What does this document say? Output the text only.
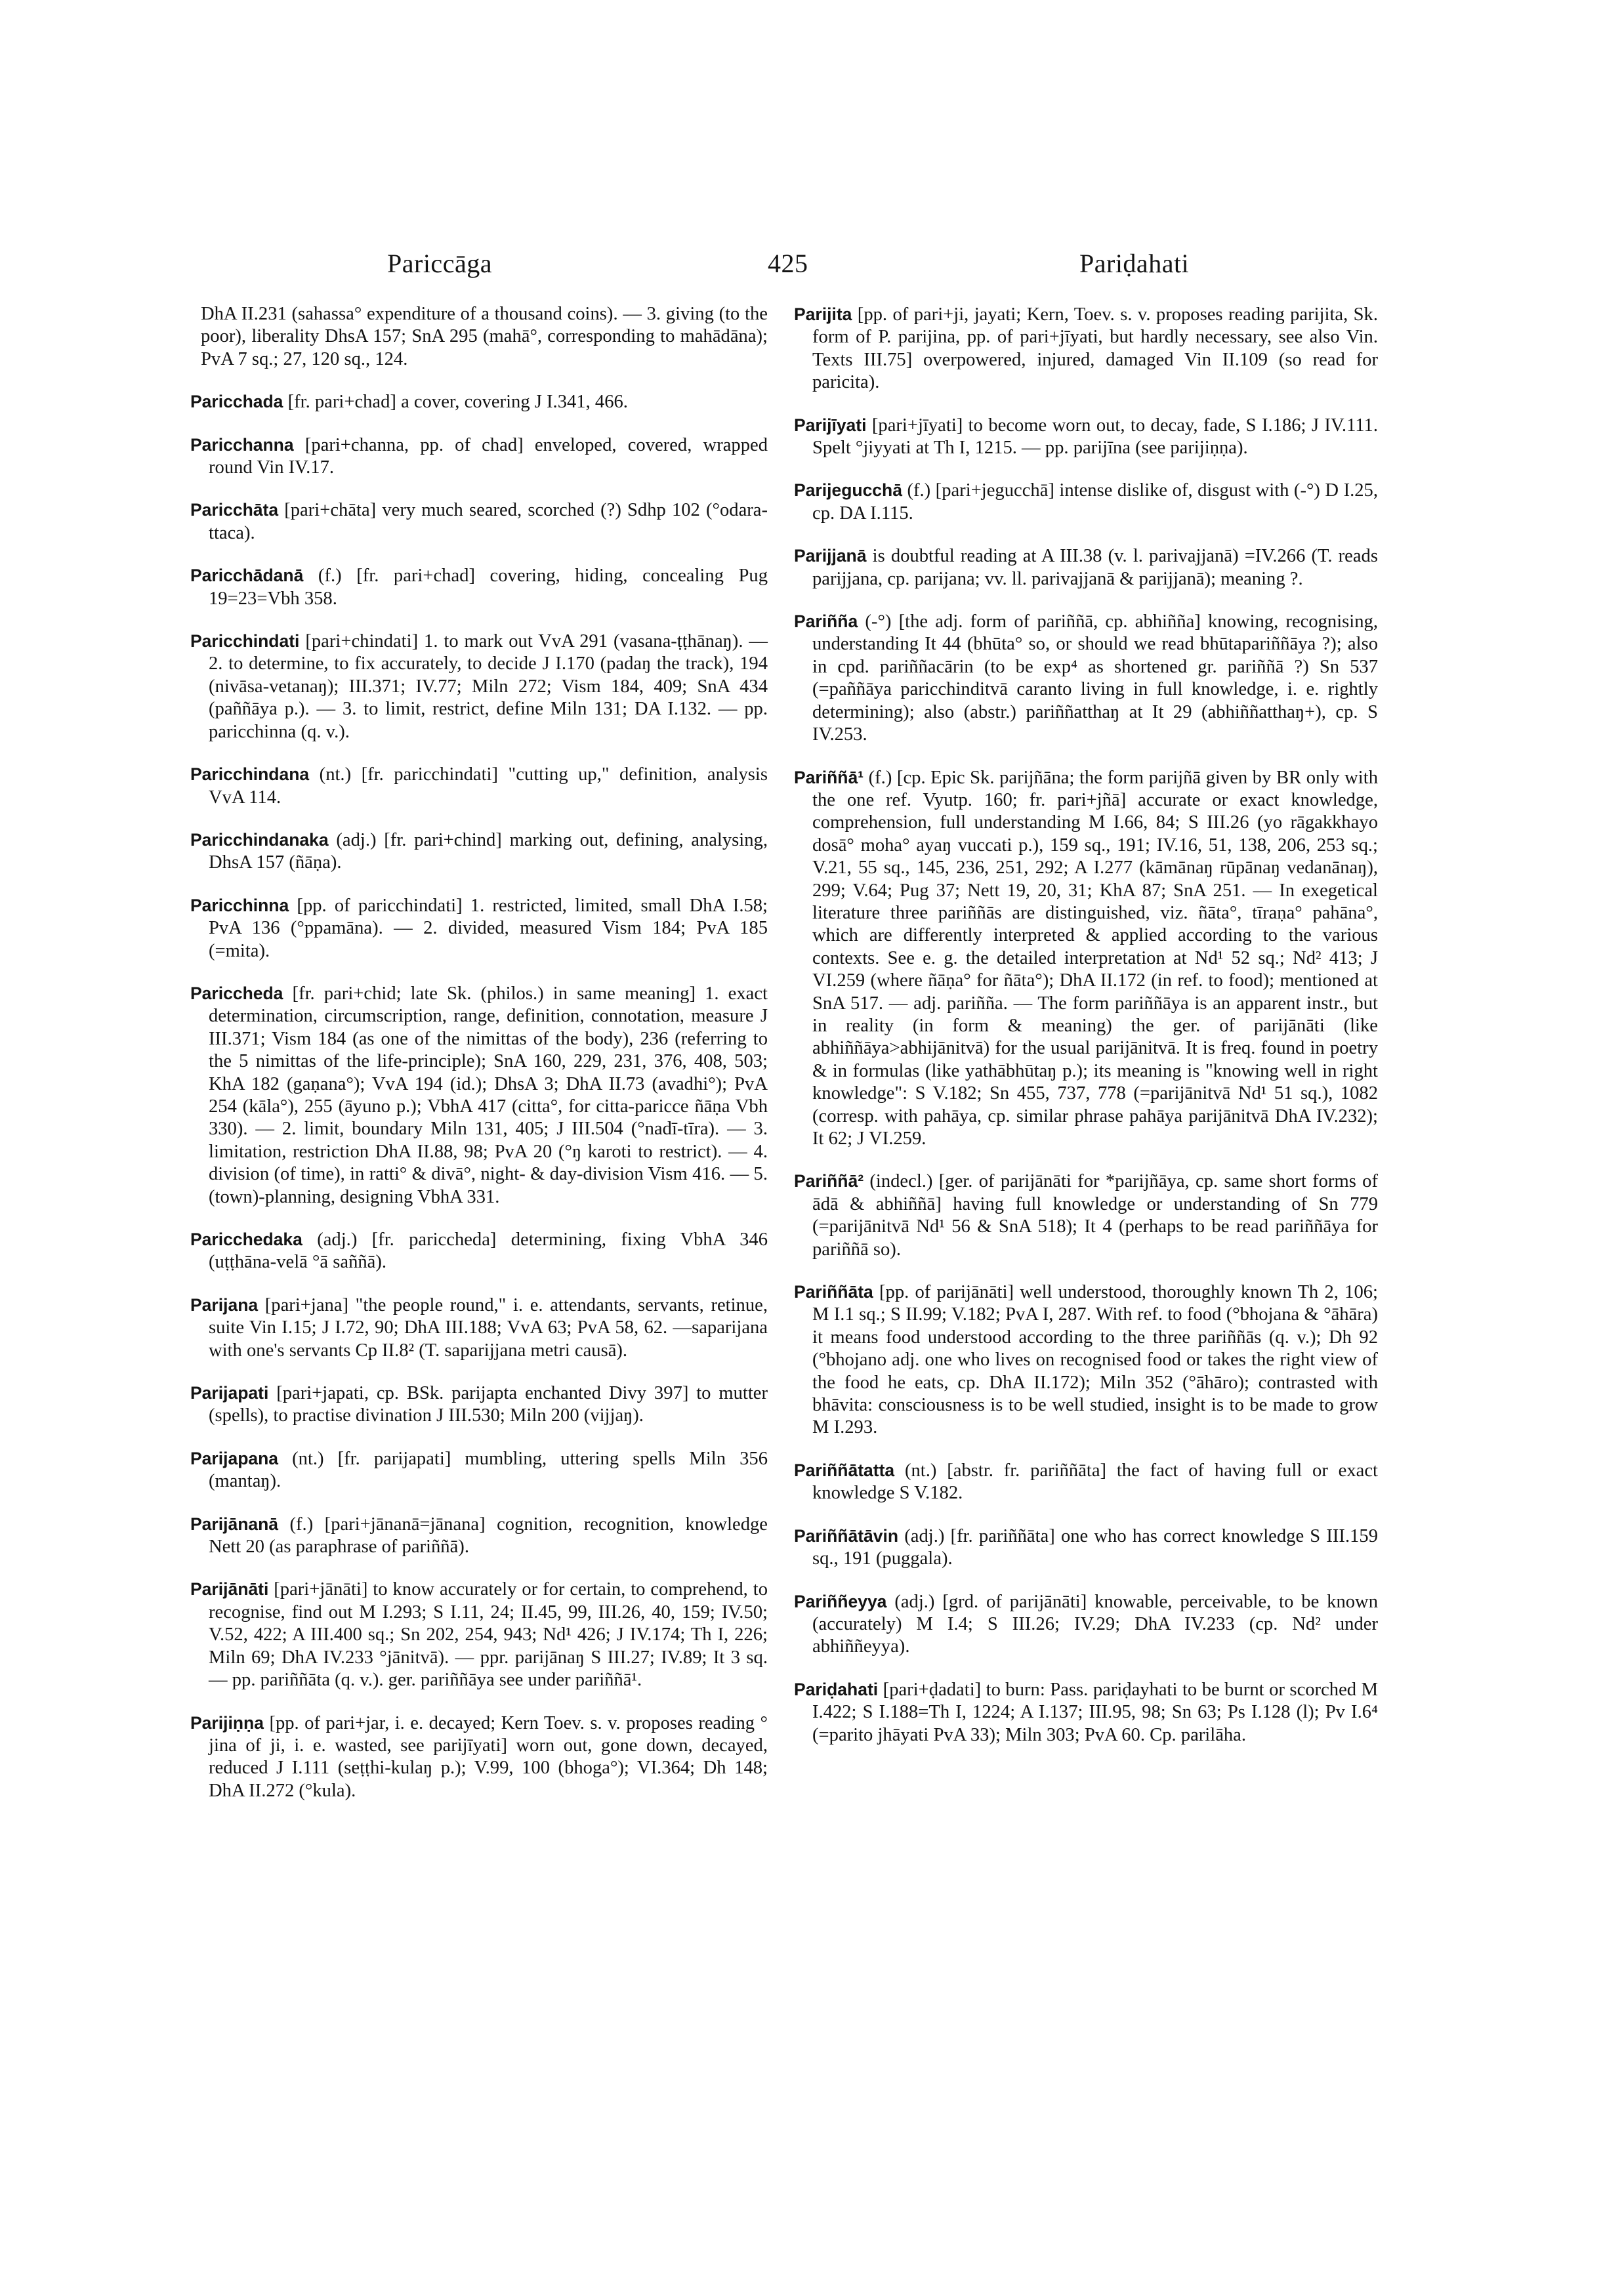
Pariccāga	425	Pariḍahati

DhA II.231 (sahassa° expenditure of a thousand coins). — 3. giving (to the poor), liberality DhsA 157; SnA 295 (mahā°, corresponding to mahādāna); PvA 7 sq.; 27, 120 sq., 124.

Paricchada [fr. pari+chad] a cover, covering J I.341, 466.

Paricchanna [pari+channa, pp. of chad] enveloped, covered, wrapped round Vin IV.17.

Paricchāta [pari+chāta] very much seared, scorched (?) Sdhp 102 (°odara-ttaca).

Paricchādanā (f.) [fr. pari+chad] covering, hiding, concealing Pug 19=23=Vbh 358.

Paricchindati [pari+chindati] 1. to mark out VvA 291 (vasana-ṭṭhānaŋ). — 2. to determine, to fix accurately, to decide J I.170 (padaŋ the track), 194 (nivāsa-vetanaŋ); III.371; IV.77; Miln 272; Vism 184, 409; SnA 434 (paññāya p.). — 3. to limit, restrict, define Miln 131; DA I.132. — pp. paricchinna (q. v.).

Paricchindana (nt.) [fr. paricchindati] "cutting up," definition, analysis VvA 114.

Paricchindanaka (adj.) [fr. pari+chind] marking out, defining, analysing, DhsA 157 (ñāṇa).

Paricchinna [pp. of paricchindati] 1. restricted, limited, small DhA I.58; PvA 136 (°ppamāna). — 2. divided, measured Vism 184; PvA 185 (=mita).

Pariccheda [fr. pari+chid; late Sk. (philos.) in same meaning] 1. exact determination, circumscription, range, definition, connotation, measure J III.371; Vism 184 (as one of the nimittas of the body), 236 (referring to the 5 nimittas of the life-principle); SnA 160, 229, 231, 376, 408, 503; KhA 182 (gaṇana°); VvA 194 (id.); DhsA 3; DhA II.73 (avadhi°); PvA 254 (kāla°), 255 (āyuno p.); VbhA 417 (citta°, for citta-paricce ñāṇa Vbh 330). — 2. limit, boundary Miln 131, 405; J III.504 (°nadī-tīra). — 3. limitation, restriction DhA II.88, 98; PvA 20 (°ŋ karoti to restrict). — 4. division (of time), in ratti° & divā°, night- & day-division Vism 416. — 5. (town)-planning, designing VbhA 331.

Paricchedaka (adj.) [fr. pariccheda] determining, fixing VbhA 346 (uṭṭhāna-velā °ā saññā).

Parijana [pari+jana] "the people round," i. e. attendants, servants, retinue, suite Vin I.15; J I.72, 90; DhA III.188; VvA 63; PvA 58, 62. —saparijana with one's servants Cp II.8² (T. saparijjana metri causā).

Parijapati [pari+japati, cp. BSk. parijapta enchanted Divy 397] to mutter (spells), to practise divination J III.530; Miln 200 (vijjaŋ).

Parijapana (nt.) [fr. parijapati] mumbling, uttering spells Miln 356 (mantaŋ).

Parijānanā (f.) [pari+jānanā=jānana] cognition, recognition, knowledge Nett 20 (as paraphrase of pariññā).

Parijānāti [pari+jānāti] to know accurately or for certain, to comprehend, to recognise, find out M I.293; S I.11, 24; II.45, 99, III.26, 40, 159; IV.50; V.52, 422; A III.400 sq.; Sn 202, 254, 943; Nd¹ 426; J IV.174; Th I, 226; Miln 69; DhA IV.233 °jānitvā). — ppr. parijānaŋ S III.27; IV.89; It 3 sq. — pp. pariññāta (q. v.). ger. pariññāya see under pariññā¹.

Parijiṇṇa [pp. of pari+jar, i. e. decayed; Kern Toev. s. v. proposes reading ° jina of ji, i. e. wasted, see parijīyati] worn out, gone down, decayed, reduced J I.111 (seṭṭhi-kulaŋ p.); V.99, 100 (bhoga°); VI.364; Dh 148; DhA II.272 (°kula).

Parijita [pp. of pari+ji, jayati; Kern, Toev. s. v. proposes reading parijita, Sk. form of P. parijina, pp. of pari+jīyati, but hardly necessary, see also Vin. Texts III.75] overpowered, injured, damaged Vin II.109 (so read for paricita).

Parijīyati [pari+jīyati] to become worn out, to decay, fade, S I.186; J IV.111. Spelt °jiyyati at Th I, 1215. — pp. parijīna (see parijiṇṇa).

Parijegucchā (f.) [pari+jegucchā] intense dislike of, disgust with (-°) D I.25, cp. DA I.115.

Parijjanā is doubtful reading at A III.38 (v. l. parivajjanā) =IV.266 (T. reads parijjana, cp. parijana; vv. ll. parivajjanā & parijjanā); meaning ?.

Pariñña (-°) [the adj. form of pariññā, cp. abhiñña] knowing, recognising, understanding It 44 (bhūta° so, or should we read bhūtapariññāya ?); also in cpd. pariññacārin (to be exp⁴ as shortened gr. pariññā ?) Sn 537 (=paññāya paricchinditvā caranto living in full knowledge, i. e. rightly determining); also (abstr.) pariññatthaŋ at It 29 (abhiññatthaŋ+), cp. S IV.253.

Pariññā¹ (f.) [cp. Epic Sk. parijñāna; the form parijñā given by BR only with the one ref. Vyutp. 160; fr. pari+jñā] accurate or exact knowledge, comprehension, full understanding M I.66, 84; S III.26 (yo rāgakkhayo dosā° moha° ayaŋ vuccati p.), 159 sq., 191; IV.16, 51, 138, 206, 253 sq.; V.21, 55 sq., 145, 236, 251, 292; A I.277 (kāmānaŋ rūpānaŋ vedanānaŋ), 299; V.64; Pug 37; Nett 19, 20, 31; KhA 87; SnA 251. — In exegetical literature three pariññās are distinguished, viz. ñāta°, tīraṇa° pahāna°, which are differently interpreted & applied according to the various contexts. See e. g. the detailed interpretation at Nd¹ 52 sq.; Nd² 413; J VI.259 (where ñāṇa° for ñāta°); DhA II.172 (in ref. to food); mentioned at SnA 517. — adj. pariñña. — The form pariññāya is an apparent instr., but in reality (in form & meaning) the ger. of parijānāti (like abhiññāya>abhijānitvā) for the usual parijānitvā. It is freq. found in poetry & in formulas (like yathābhūtaŋ p.); its meaning is "knowing well in right knowledge": S V.182; Sn 455, 737, 778 (=parijānitvā Nd¹ 51 sq.), 1082 (corresp. with pahāya, cp. similar phrase pahāya parijānitvā DhA IV.232); It 62; J VI.259.

Pariññā² (indecl.) [ger. of parijānāti for *parijñāya, cp. same short forms of ādā & abhiññā] having full knowledge or understanding of Sn 779 (=parijānitvā Nd¹ 56 & SnA 518); It 4 (perhaps to be read pariññāya for pariññā so).

Pariññāta [pp. of parijānāti] well understood, thoroughly known Th 2, 106; M I.1 sq.; S II.99; V.182; PvA I, 287. With ref. to food (°bhojana & °āhāra) it means food understood according to the three pariññās (q. v.); Dh 92 (°bhojano adj. one who lives on recognised food or takes the right view of the food he eats, cp. DhA II.172); Miln 352 (°āhāro); contrasted with bhāvita: consciousness is to be well studied, insight is to be made to grow M I.293.

Pariññātatta (nt.) [abstr. fr. pariññāta] the fact of having full or exact knowledge S V.182.

Pariññātāvin (adj.) [fr. pariññāta] one who has correct knowledge S III.159 sq., 191 (puggala).

Pariññeyya (adj.) [grd. of parijānāti] knowable, perceivable, to be known (accurately) M I.4; S III.26; IV.29; DhA IV.233 (cp. Nd² under abhiññeyya).

Pariḍahati [pari+ḍadati] to burn: Pass. pariḍayhati to be burnt or scorched M I.422; S I.188=Th I, 1224; A I.137; III.95, 98; Sn 63; Ps I.128 (l); Pv I.6⁴ (=parito jhāyati PvA 33); Miln 303; PvA 60. Cp. parilāha.
